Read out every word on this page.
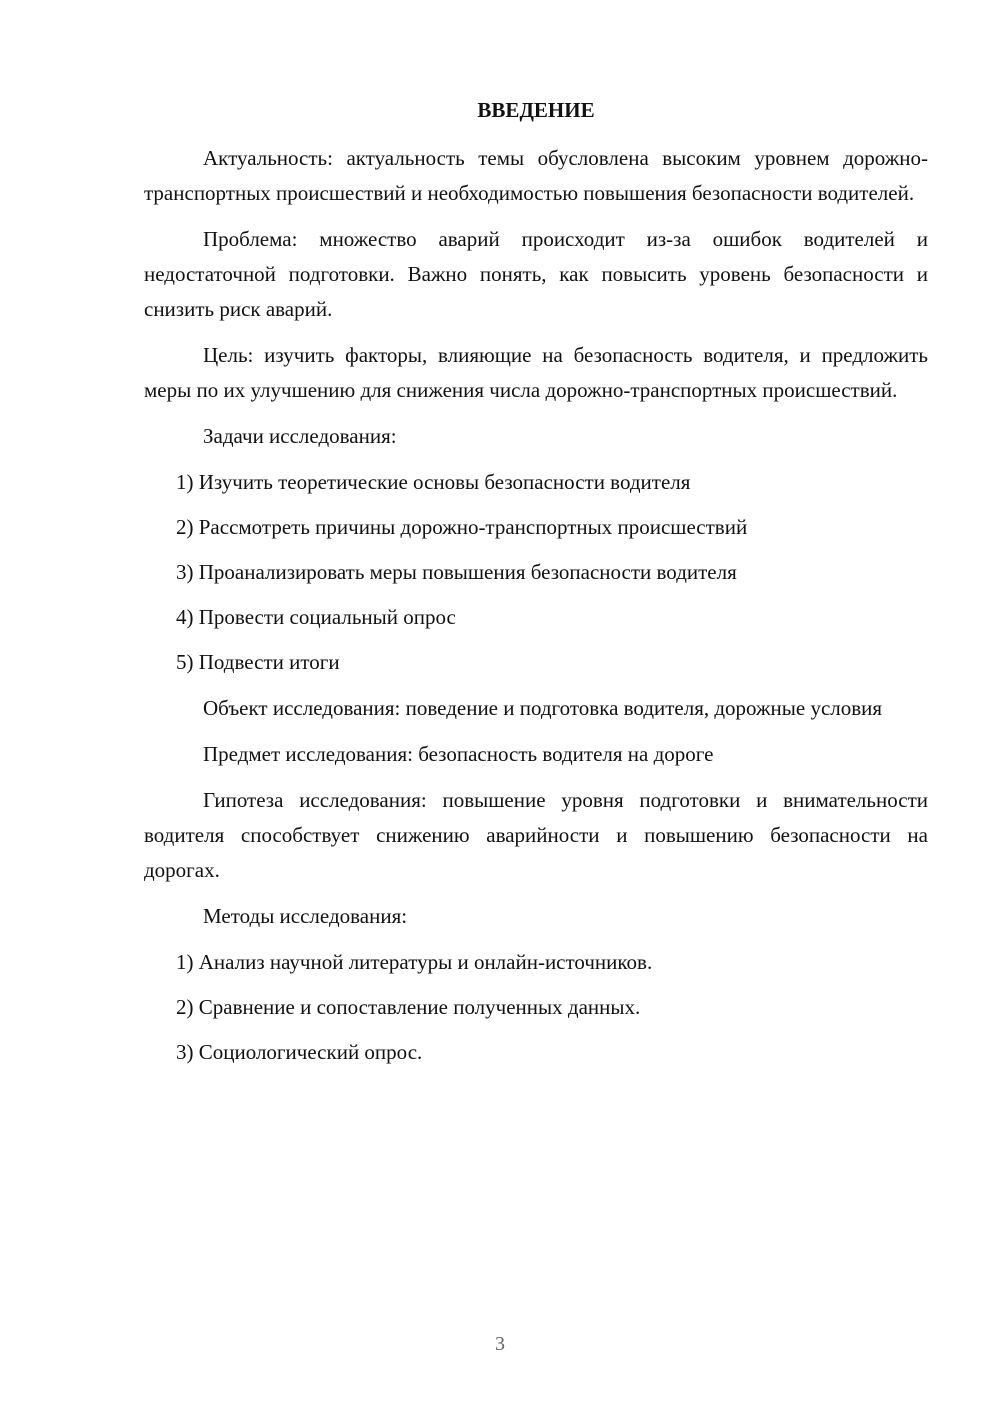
ВВЕДЕНИЕ

Актуальность: актуальность темы обусловлена высоким уровнем дорожно-транспортных происшествий и необходимостью повышения безопасности водителей.

Проблема: множество аварий происходит из-за ошибок водителей и недостаточной подготовки. Важно понять, как повысить уровень безопасности и снизить риск аварий.

Цель: изучить факторы, влияющие на безопасность водителя, и предложить меры по их улучшению для снижения числа дорожно-транспортных происшествий.

Задачи исследования:

1) Изучить теоретические основы безопасности водителя
2) Рассмотреть причины дорожно-транспортных происшествий
3) Проанализировать меры повышения безопасности водителя
4) Провести социальный опрос
5) Подвести итоги

Объект исследования: поведение и подготовка водителя, дорожные условия

Предмет исследования: безопасность водителя на дороге

Гипотеза исследования: повышение уровня подготовки и внимательности водителя способствует снижению аварийности и повышению безопасности на дорогах.

Методы исследования:

1) Анализ научной литературы и онлайн-источников.
2) Сравнение и сопоставление полученных данных.
3) Социологический опрос.
3
